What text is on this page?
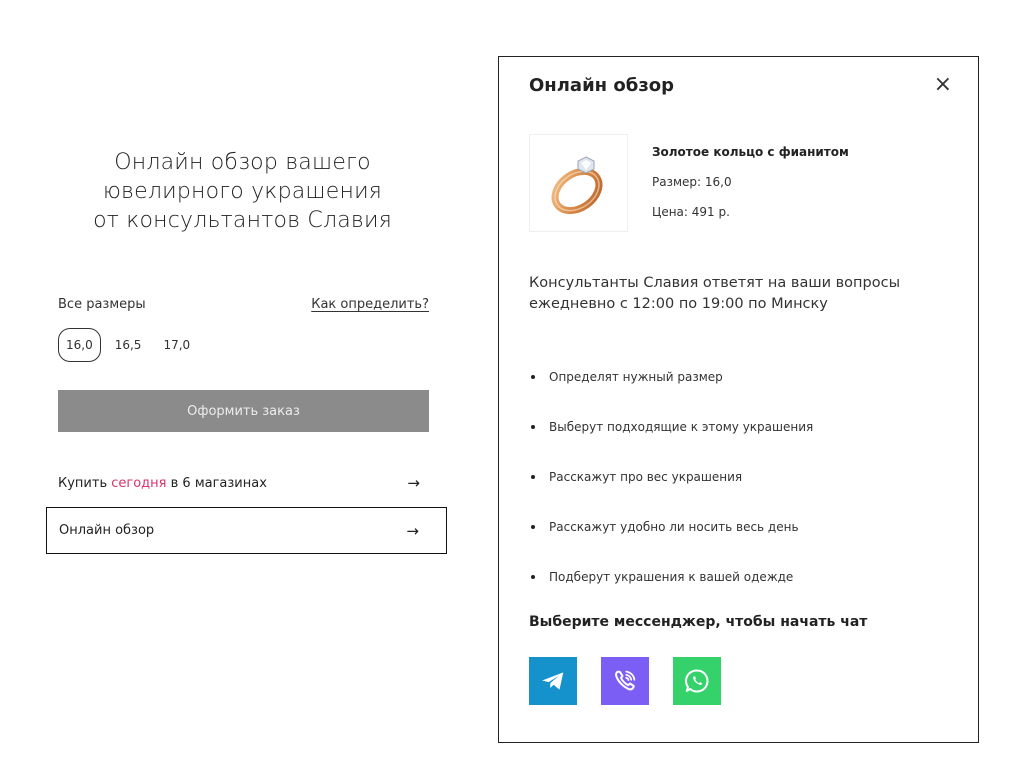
Онлайн обзор вашего
ювелирного украшения
от консультантов Славия
Все размеры	Как определить?
16,0	16,5	17,0
Оформить заказ
Купить сегодня в 6 магазинах	→
Онлайн обзор	→
Онлайн обзор	×
Золотое кольцо с фианитом
Размер: 16,0
Цена: 491 р.
Консультанты Славия ответят на ваши вопросы
ежедневно с 12:00 по 19:00 по Минску
Определят нужный размер
Выберут подходящие к этому украшения
Расскажут про вес украшения
Расскажут удобно ли носить весь день
Подберут украшения к вашей одежде
Выберите мессенджер, чтобы начать чат
